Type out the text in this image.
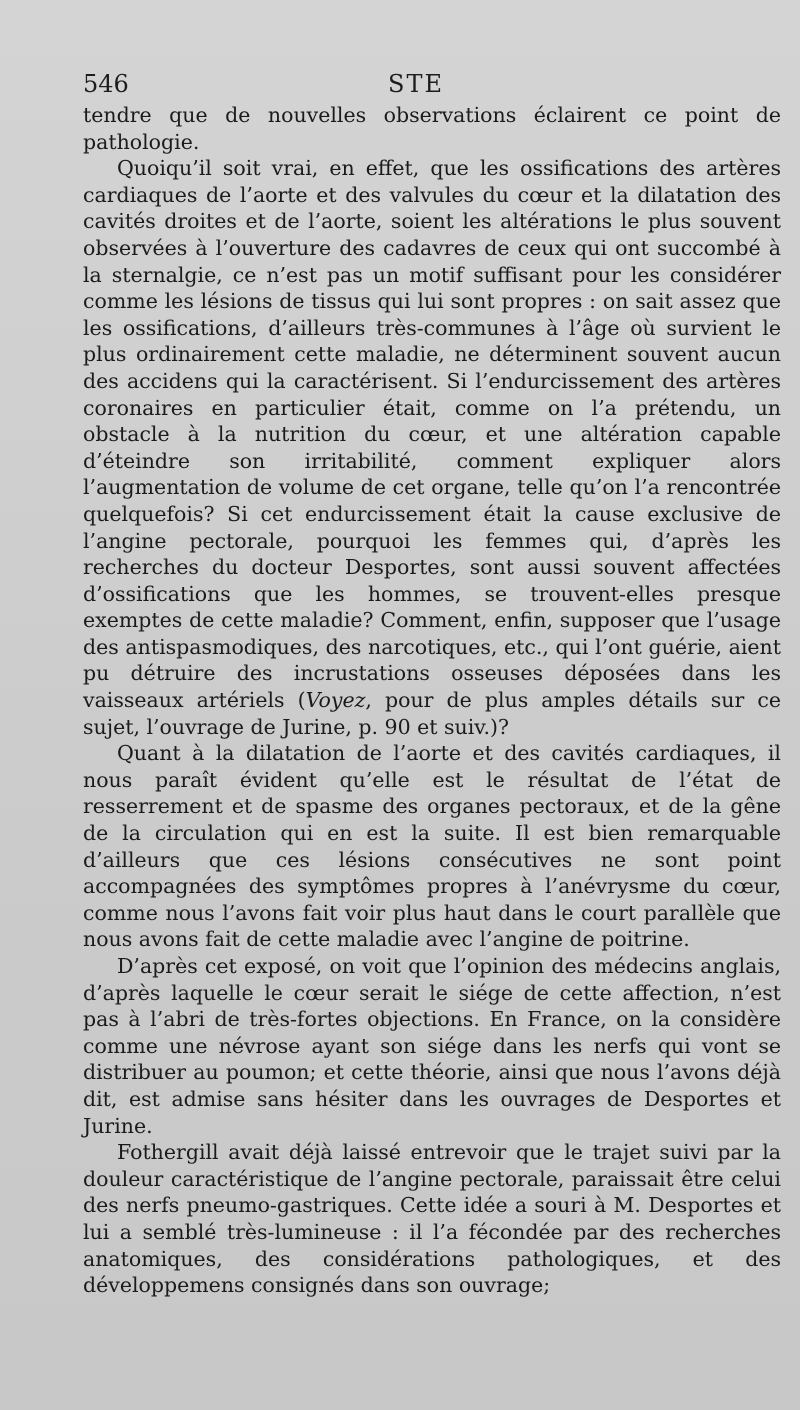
546	STE

tendre que de nouvelles observations éclairent ce point de pathologie.

Quoiqu’il soit vrai, en effet, que les ossifications des artères cardiaques de l’aorte et des valvules du cœur et la dilatation des cavités droites et de l’aorte, soient les altérations le plus souvent observées à l’ouverture des cadavres de ceux qui ont succombé à la sternalgie, ce n’est pas un motif suffisant pour les considérer comme les lésions de tissus qui lui sont propres : on sait assez que les ossifications, d’ailleurs très-communes à l’âge où survient le plus ordinairement cette maladie, ne déterminent souvent aucun des accidens qui la caractérisent. Si l’endurcissement des artères coronaires en particulier était, comme on l’a prétendu, un obstacle à la nutrition du cœur, et une altération capable d’éteindre son irritabilité, comment expliquer alors l’augmentation de volume de cet organe, telle qu’on l’a rencontrée quelquefois? Si cet endurcissement était la cause exclusive de l’angine pectorale, pourquoi les femmes qui, d’après les recherches du docteur Desportes, sont aussi souvent affectées d’ossifications que les hommes, se trouvent-elles presque exemptes de cette maladie? Comment, enfin, supposer que l’usage des antispasmodiques, des narcotiques, etc., qui l’ont guérie, aient pu détruire des incrustations osseuses déposées dans les vaisseaux artériels (Voyez, pour de plus amples détails sur ce sujet, l’ouvrage de Jurine, p. 90 et suiv.)?

Quant à la dilatation de l’aorte et des cavités cardiaques, il nous paraît évident qu’elle est le résultat de l’état de resserrement et de spasme des organes pectoraux, et de la gêne de la circulation qui en est la suite. Il est bien remarquable d’ailleurs que ces lésions consécutives ne sont point accompagnées des symptômes propres à l’anévrysme du cœur, comme nous l’avons fait voir plus haut dans le court parallèle que nous avons fait de cette maladie avec l’angine de poitrine.

D’après cet exposé, on voit que l’opinion des médecins anglais, d’après laquelle le cœur serait le siége de cette affection, n’est pas à l’abri de très-fortes objections. En France, on la considère comme une névrose ayant son siége dans les nerfs qui vont se distribuer au poumon; et cette théorie, ainsi que nous l’avons déjà dit, est admise sans hésiter dans les ouvrages de Desportes et Jurine.

Fothergill avait déjà laissé entrevoir que le trajet suivi par la douleur caractéristique de l’angine pectorale, paraissait être celui des nerfs pneumo-gastriques. Cette idée a souri à M. Desportes et lui a semblé très-lumineuse : il l’a fécondée par des recherches anatomiques, des considérations pathologiques, et des développemens consignés dans son ouvrage;
